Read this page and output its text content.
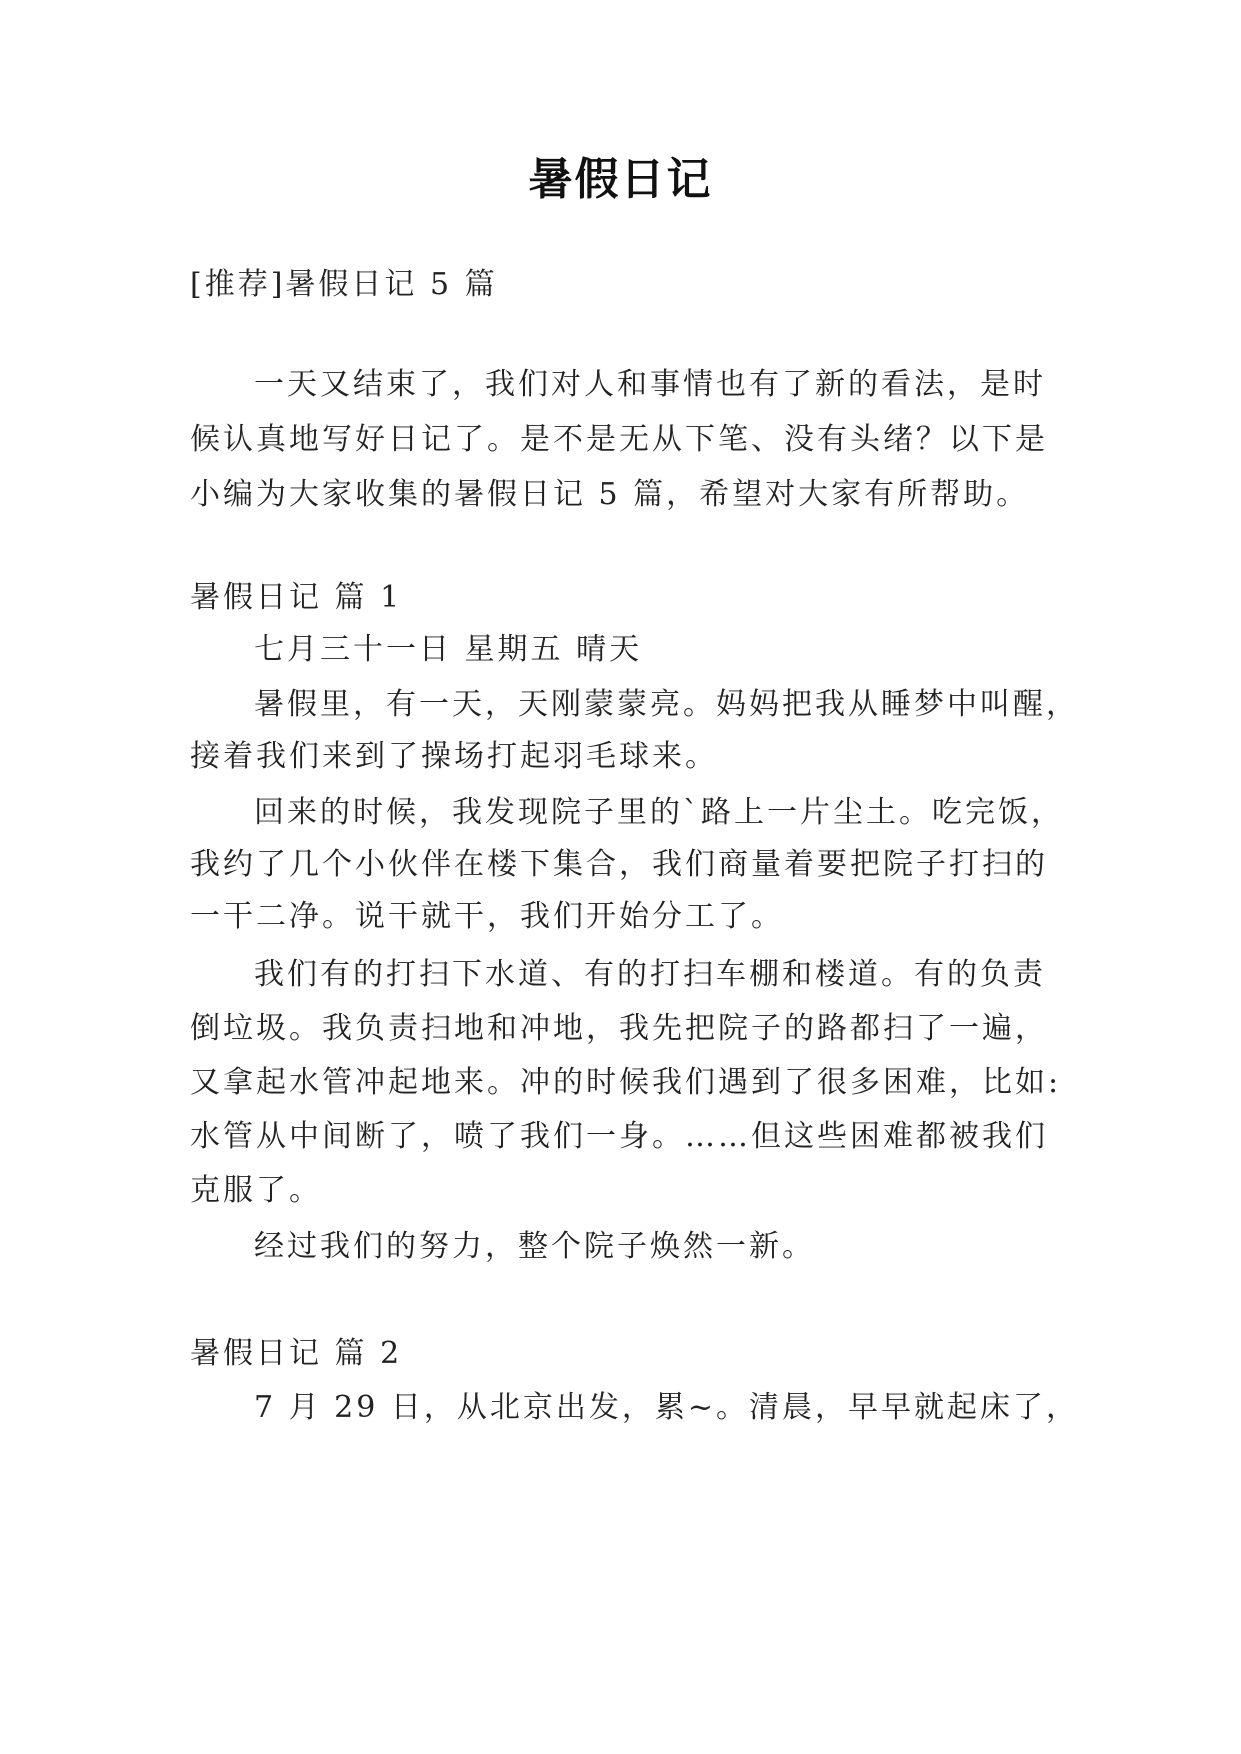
暑假日记
[推荐]暑假日记 5 篇
一天又结束了，我们对人和事情也有了新的看法，是时
候认真地写好日记了。是不是无从下笔、没有头绪？以下是
小编为大家收集的暑假日记 5 篇，希望对大家有所帮助。
暑假日记 篇 1
七月三十一日 星期五 晴天
暑假里，有一天，天刚蒙蒙亮。妈妈把我从睡梦中叫醒，
接着我们来到了操场打起羽毛球来。
回来的时候，我发现院子里的`路上一片尘土。吃完饭，
我约了几个小伙伴在楼下集合，我们商量着要把院子打扫的
一干二净。说干就干，我们开始分工了。
我们有的打扫下水道、有的打扫车棚和楼道。有的负责
倒垃圾。我负责扫地和冲地，我先把院子的路都扫了一遍，
又拿起水管冲起地来。冲的时候我们遇到了很多困难，比如:
水管从中间断了，喷了我们一身。……但这些困难都被我们
克服了。
经过我们的努力，整个院子焕然一新。
暑假日记 篇 2
7 月 29 日，从北京出发，累~。清晨，早早就起床了，
